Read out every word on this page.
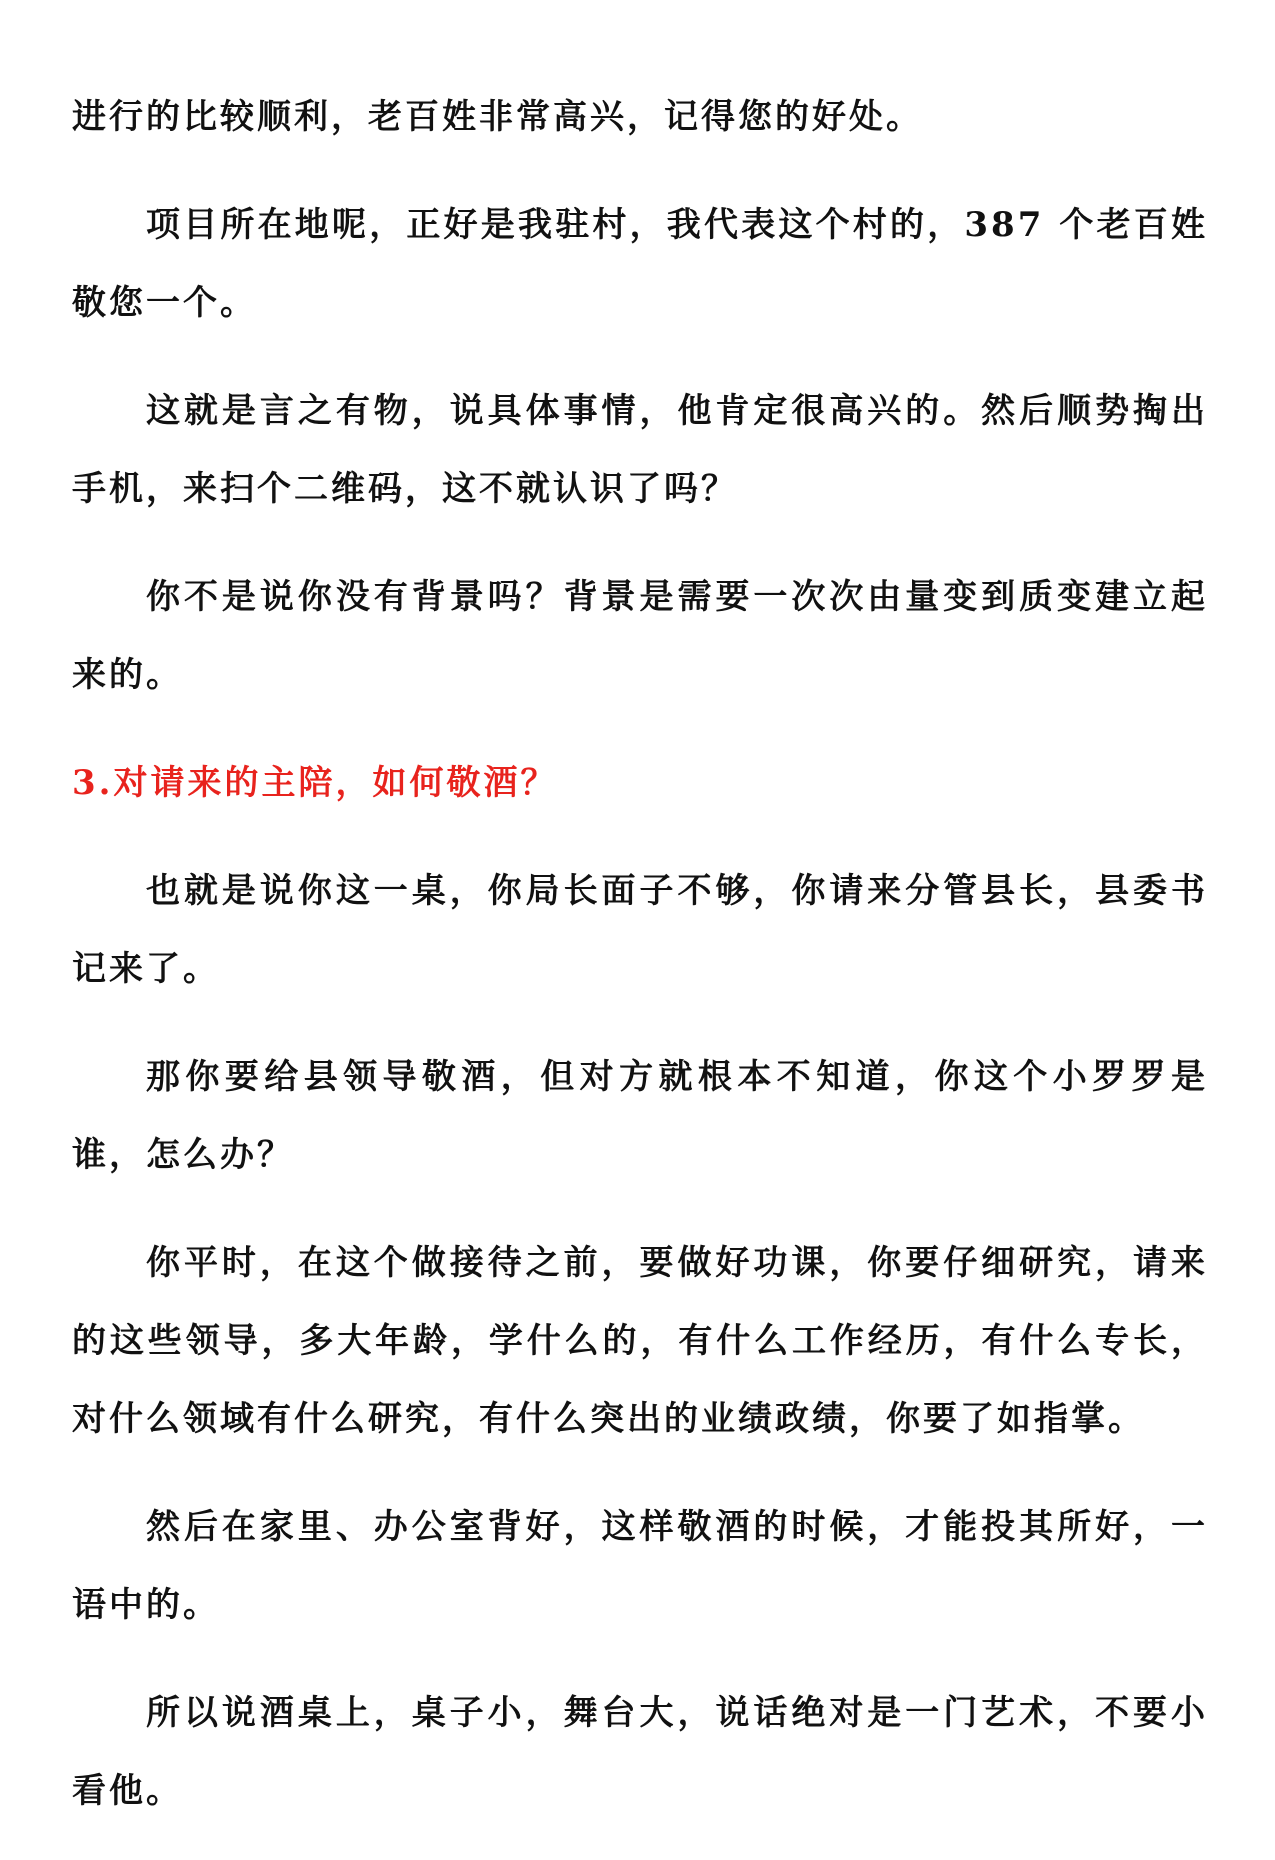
进行的比较顺利，老百姓非常高兴，记得您的好处。

项目所在地呢，正好是我驻村，我代表这个村的，387 个老百姓敬您一个。

这就是言之有物，说具体事情，他肯定很高兴的。然后顺势掏出手机，来扫个二维码，这不就认识了吗？

你不是说你没有背景吗？背景是需要一次次由量变到质变建立起来的。

3.对请来的主陪，如何敬酒？

也就是说你这一桌，你局长面子不够，你请来分管县长，县委书记来了。

那你要给县领导敬酒，但对方就根本不知道，你这个小罗罗是谁，怎么办？

你平时，在这个做接待之前，要做好功课，你要仔细研究，请来的这些领导，多大年龄，学什么的，有什么工作经历，有什么专长，对什么领域有什么研究，有什么突出的业绩政绩，你要了如指掌。

然后在家里、办公室背好，这样敬酒的时候，才能投其所好，一语中的。

所以说酒桌上，桌子小，舞台大，说话绝对是一门艺术，不要小看他。
